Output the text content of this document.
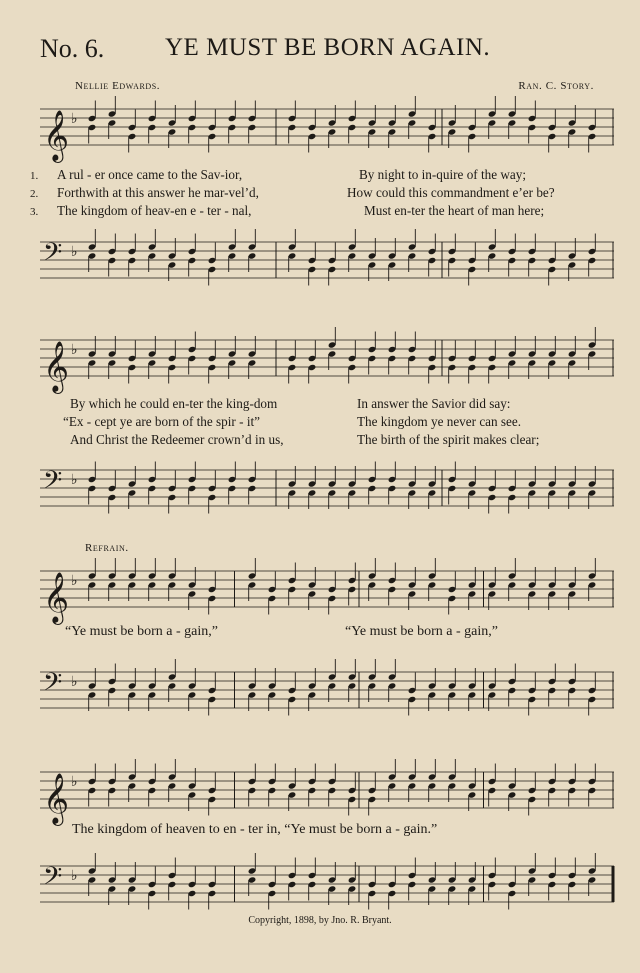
No. 6. YE MUST BE BORN AGAIN.
Nellie Edwards.	Ran. C. Story.
𝄞 ♭
𝄢 ♭
1. A rul - er once came to the Sav-ior,	By night to in-quire of the way;
2. Forthwith at this answer he mar-vel’d,	How could this commandment e’er be?
3. The kingdom of heav-en e - ter - nal,	Must en-ter the heart of man here;
𝄞 ♭
𝄢 ♭
By which he could en-ter the king-dom	In answer the Savior did say:
“Ex - cept ye are born of the spir - it”	The kingdom ye never can see.
And Christ the Redeemer crown’d in us,	The birth of the spirit makes clear;
Refrain.
𝄞 ♭
𝄢 ♭
“Ye must be born a - gain,”	“Ye must be born a - gain,”
𝄞 ♭
𝄢 ♭
The kingdom of heaven to en - ter in, “Ye must be born a - gain.”
Copyright, 1898, by Jno. R. Bryant.
